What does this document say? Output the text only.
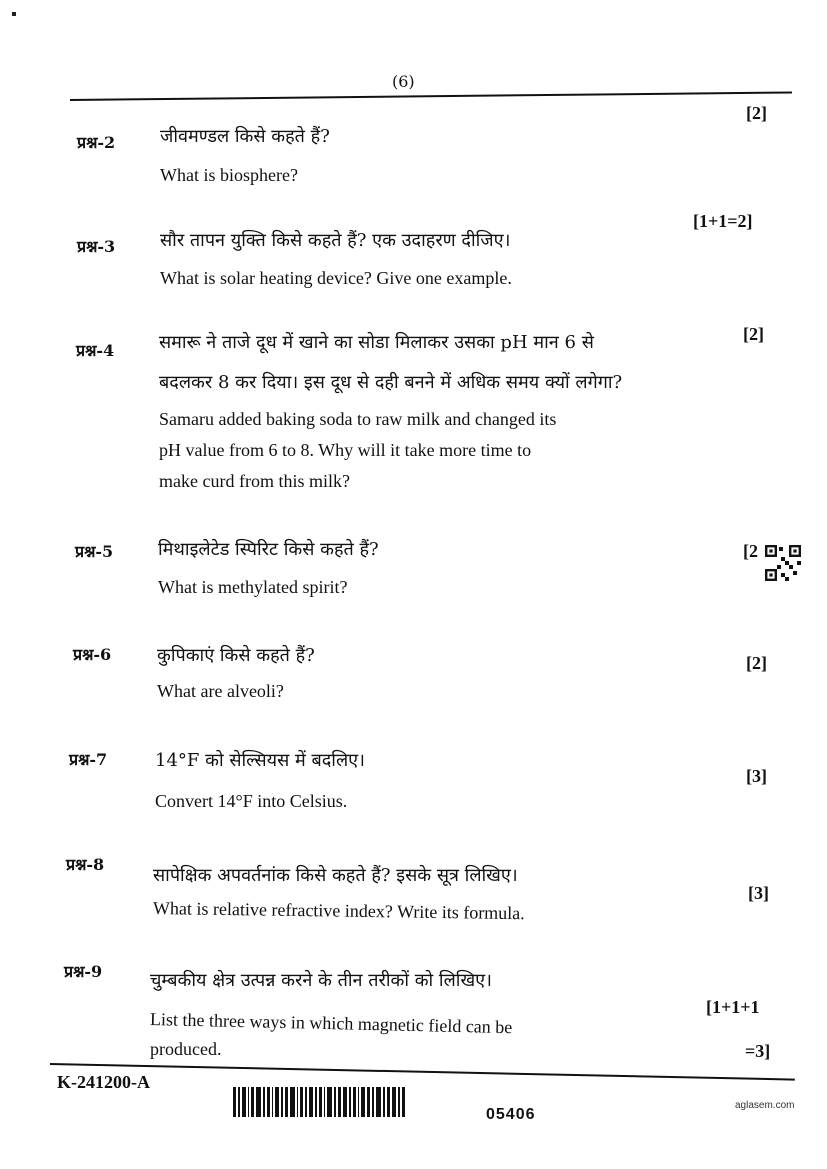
(6)
प्रश्न-2 जीवमण्डल किसे कहते हैं?
What is biosphere?
[2]
प्रश्न-3 सौर तापन युक्ति किसे कहते हैं? एक उदाहरण दीजिए।
What is solar heating device? Give one example.
[1+1=2]
प्रश्न-4 समारू ने ताजे दूध में खाने का सोडा मिलाकर उसका pH मान 6 से
बदलकर 8 कर दिया। इस दूध से दही बनने में अधिक समय क्यों लगेगा?
Samaru added baking soda to raw milk and changed its
pH value from 6 to 8. Why will it take more time to
make curd from this milk?
[2]
प्रश्न-5 मिथाइलेटेड स्पिरिट किसे कहते हैं?
What is methylated spirit?
[2
प्रश्न-6	कुपिकाएं किसे कहते हैं?
What are alveoli?
[2]
प्रश्न-7	14°F को सेल्सियस में बदलिए।
Convert 14°F into Celsius.
[3]
प्रश्न-8
सापेक्षिक अपवर्तनांक किसे कहते हैं? इसके सूत्र लिखिए।
What is relative refractive index? Write its formula.
[3]
प्रश्न-9	चुम्बकीय क्षेत्र उत्पन्न करने के तीन तरीकों को लिखिए।
List the three ways in which magnetic field can be
produced.
[1+1+1
=3]
K-241200-A
05406
aglasem.com
